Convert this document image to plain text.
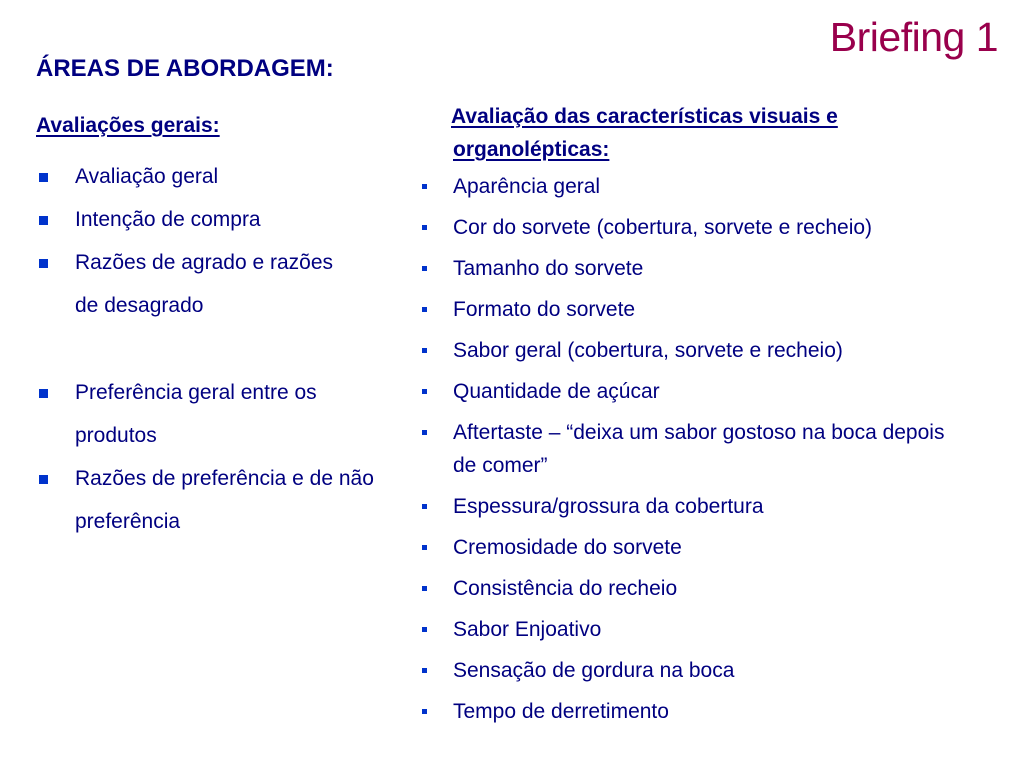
Briefing 1
ÁREAS DE ABORDAGEM:
Avaliações gerais:
Avaliação geral
Intenção de compra
Razões de agrado e razões de desagrado
Preferência geral entre os produtos
Razões de preferência e de não preferência
Avaliação das características visuais e organolépticas:
Aparência geral
Cor do sorvete (cobertura, sorvete e recheio)
Tamanho do sorvete
Formato do sorvete
Sabor geral (cobertura, sorvete e recheio)
Quantidade de açúcar
Aftertaste – “deixa um sabor gostoso na boca depois de comer”
Espessura/grossura da cobertura
Cremosidade do sorvete
Consistência do recheio
Sabor Enjoativo
Sensação de gordura na boca
Tempo de derretimento
